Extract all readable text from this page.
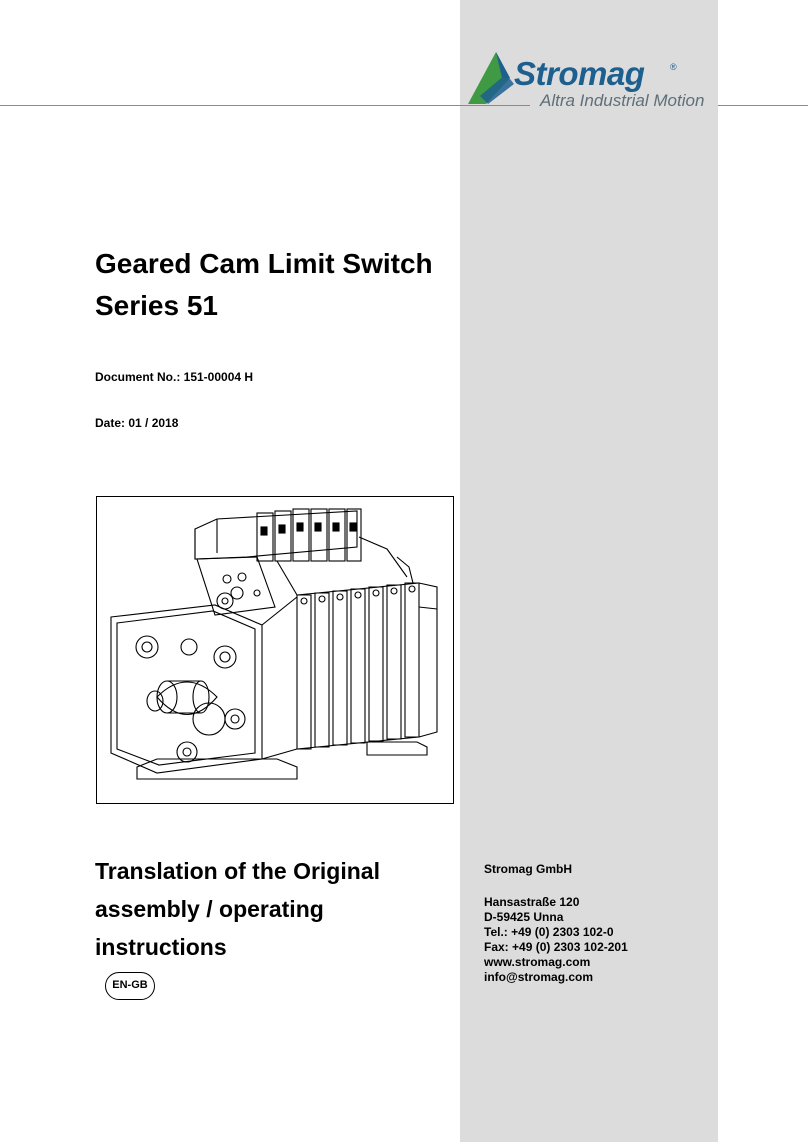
Stromag	®
Altra Industrial Motion
Geared Cam Limit Switch
Series 51
Document No.: 151-00004 H
Date: 01 / 2018
Translation of the Original
assembly / operating
instructions
EN-GB
Stromag GmbH
Hansastraße 120
D-59425 Unna
Tel.: +49 (0) 2303 102-0
Fax: +49 (0) 2303 102-201
www.stromag.com
info@stromag.com
